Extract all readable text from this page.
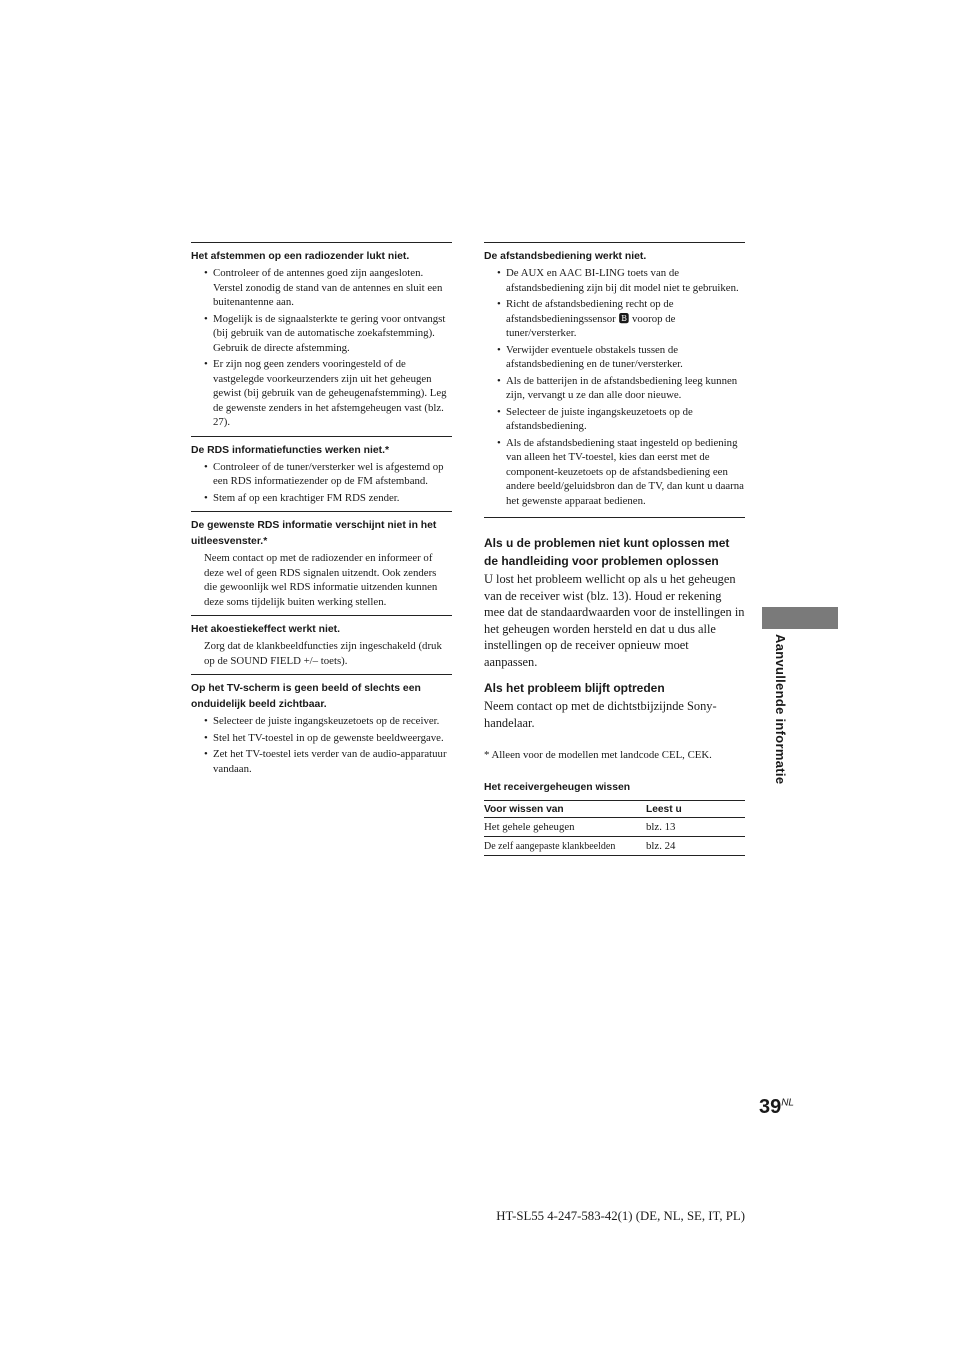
Het afstemmen op een radiozender lukt niet.

• Controleer of de antennes goed zijn aangesloten. Verstel zonodig de stand van de antennes en sluit een buitenantenne aan.
• Mogelijk is de signaalsterkte te gering voor ontvangst (bij gebruik van de automatische zoekafstemming). Gebruik de directe afstemming.
• Er zijn nog geen zenders vooringesteld of de vastgelegde voorkeurzenders zijn uit het geheugen gewist (bij gebruik van de geheugenafstemming). Leg de gewenste zenders in het afstemgeheugen vast (blz. 27).

De RDS informatiefuncties werken niet.*

• Controleer of de tuner/versterker wel is afgestemd op een RDS informatiezender op de FM afstemband.
• Stem af op een krachtiger FM RDS zender.

De gewenste RDS informatie verschijnt niet in het uitleesvenster.*

Neem contact op met de radiozender en informeer of deze wel of geen RDS signalen uitzendt. Ook zenders die gewoonlijk wel RDS informatie uitzenden kunnen deze soms tijdelijk buiten werking stellen.

Het akoestiekeffect werkt niet.

Zorg dat de klankbeeldfuncties zijn ingeschakeld (druk op de SOUND FIELD +/– toets).

Op het TV-scherm is geen beeld of slechts een onduidelijk beeld zichtbaar.

• Selecteer de juiste ingangskeuzetoets op de receiver.
• Stel het TV-toestel in op de gewenste beeldweergave.
• Zet het TV-toestel iets verder van de audio-apparatuur vandaan.

De afstandsbediening werkt niet.

• De AUX en AAC BI-LING toets van de afstandsbediening zijn bij dit model niet te gebruiken.
• Richt de afstandsbediening recht op de afstandsbedieningssensor 🅱 voorop de tuner/versterker.
• Verwijder eventuele obstakels tussen de afstandsbediening en de tuner/versterker.
• Als de batterijen in de afstandsbediening leeg kunnen zijn, vervangt u ze dan alle door nieuwe.
• Selecteer de juiste ingangskeuzetoets op de afstandsbediening.
• Als de afstandsbediening staat ingesteld op bediening van alleen het TV-toestel, kies dan eerst met de component-keuzetoets op de afstandsbediening een andere beeld/geluidsbron dan de TV, dan kunt u daarna het gewenste apparaat bedienen.

Als u de problemen niet kunt oplossen met de handleiding voor problemen oplossen

U lost het probleem wellicht op als u het geheugen van de receiver wist (blz. 13). Houd er rekening mee dat de standaardwaarden voor de instellingen in het geheugen worden hersteld en dat u dus alle instellingen op de receiver opnieuw moet aanpassen.

Als het probleem blijft optreden

Neem contact op met de dichtstbijzijnde Sony-handelaar.

* Alleen voor de modellen met landcode CEL, CEK.

Het receivergeheugen wissen

Voor wissen van	Leest u
Het gehele geheugen	blz. 13
De zelf aangepaste klankbeelden	blz. 24
Aanvullende informatie
$39^{NL}$
HT-SL55 4-247-583-42(1) (DE, NL, SE, IT, PL)
